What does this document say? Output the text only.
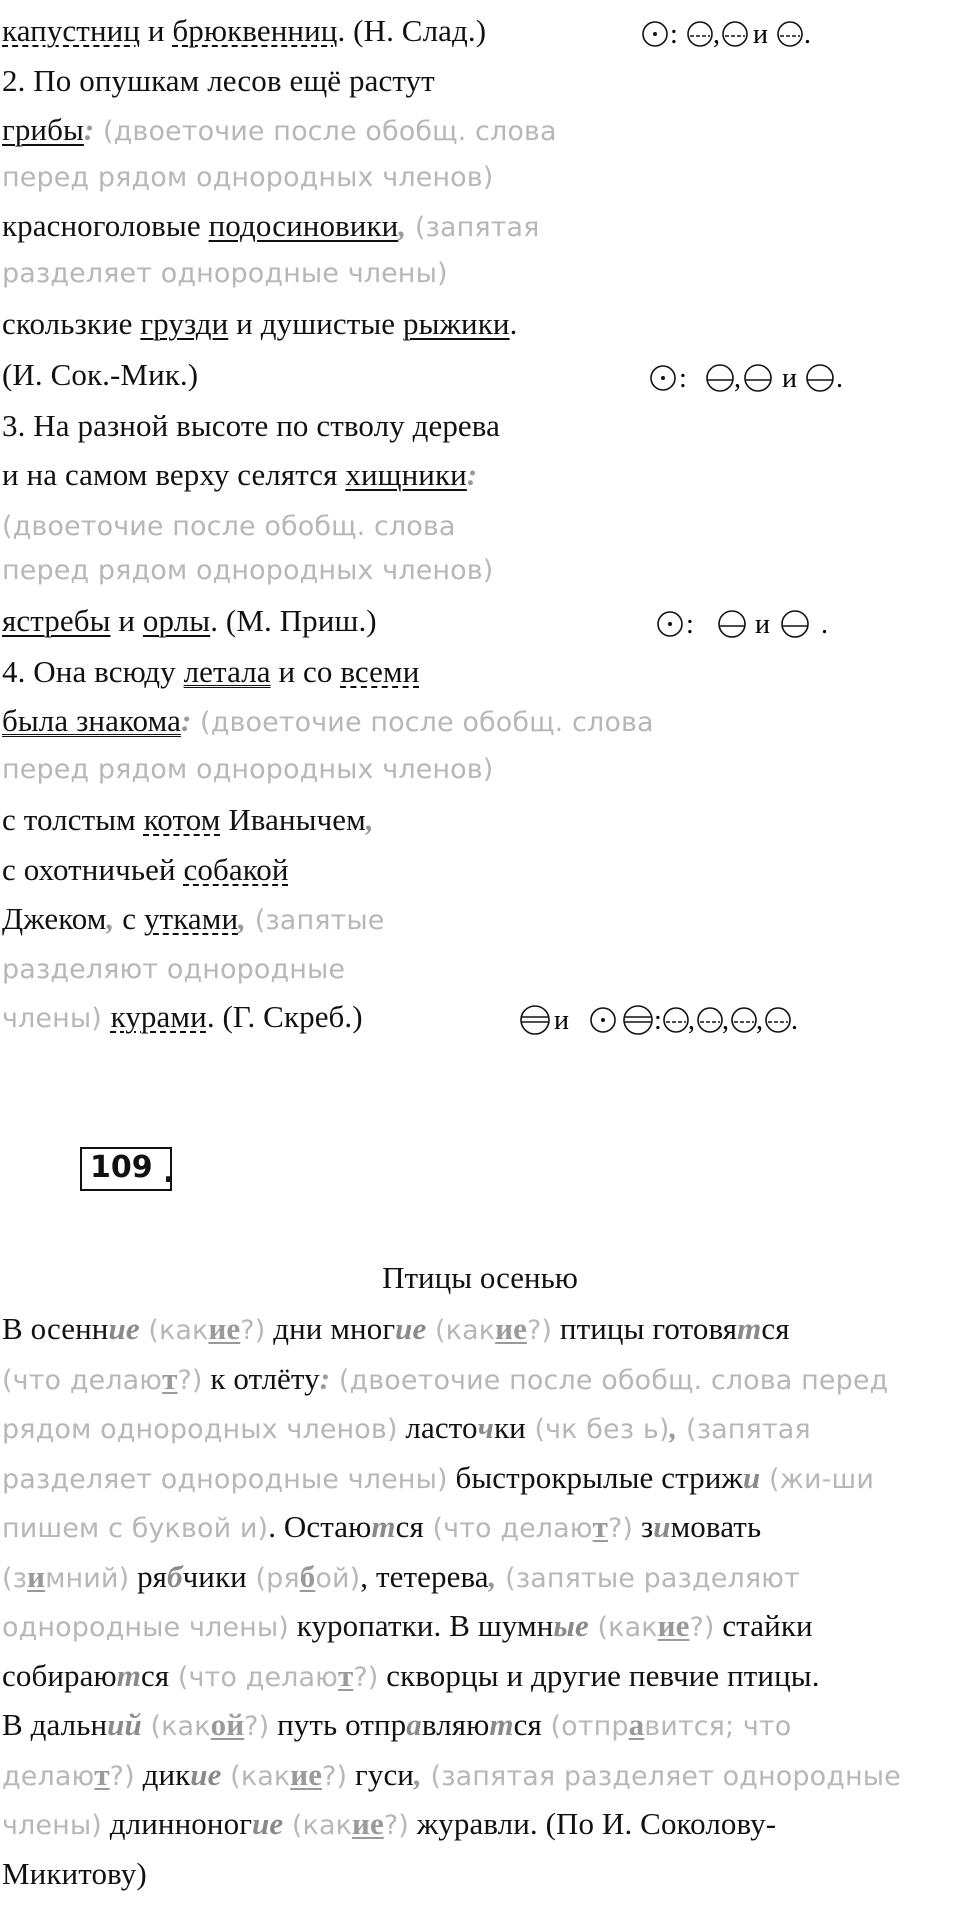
капустниц и брюквенниц. (Н. Слад.)	: , и .
2. По опушкам лесов ещё растут
грибы: (двоеточие после обобщ. слова
перед рядом однородных членов)
красноголовые подосиновики, (запятая
разделяет однородные члены)
скользкие грузди и душистые рыжики.
(И. Сок.-Мик.)	: , и .
3. На разной высоте по стволу дерева
и на самом верху селятся хищники:
(двоеточие после обобщ. слова
перед рядом однородных членов)
ястребы и орлы. (М. Приш.)	: и .
4. Она всюду летала и со всеми
была знакома: (двоеточие после обобщ. слова
перед рядом однородных членов)
с толстым котом Иванычем,
с охотничьей собакой
Джеком, с утками, (запятые
разделяют однородные
члены) курами. (Г. Скреб.)	и	: , , , .
109 .
Птицы осенью
В осенние (какие?) дни многие (какие?) птицы готовятся
(что делают?) к отлёту: (двоеточие после обобщ. слова перед
рядом однородных членов) ласточки (чк без ь), (запятая
разделяет однородные члены) быстрокрылые стрижи (жи-ши
пишем с буквой и). Остаются (что делают?) зимовать
(зимний) рябчики (рябой), тетерева, (запятые разделяют
однородные члены) куропатки. В шумные (какие?) стайки
собираются (что делают?) скворцы и другие певчие птицы.
В дальний (какой?) путь отправляются (отправится; что
делают?) дикие (какие?) гуси, (запятая разделяет однородные
члены) длинноногие (какие?) журавли. (По И. Соколову-
Микитову)
